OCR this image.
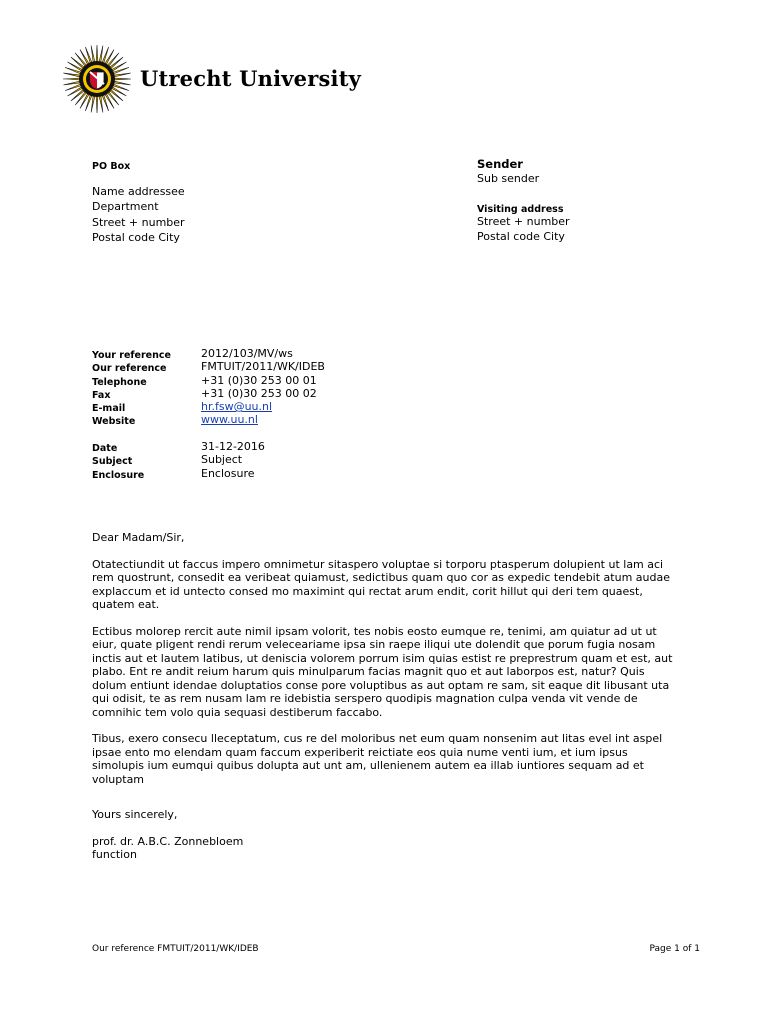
Utrecht University
PO Box
Name addressee
Department
Street + number
Postal code City
Sender
Sub sender
Visiting address
Street + number
Postal code City
Your reference
Our reference
Telephone
Fax
E-mail
Website
2012/103/MV/ws
FMTUIT/2011/WK/IDEB
+31 (0)30 253 00 01
+31 (0)30 253 00 02
hr.fsw@uu.nl
www.uu.nl
Date
Subject
Enclosure
31-12-2016
Subject
Enclosure

Dear Madam/Sir,

Otatectiundit ut faccus impero omnimetur sitaspero voluptae si torporu ptasperum dolupient ut lam aci
rem quostrunt, consedit ea veribeat quiamust, sedictibus quam quo cor as expedic tendebit atum audae
explaccum et id untecto consed mo maximint qui rectat arum endit, corit hillut qui deri tem quaest,
quatem eat.

Ectibus molorep rercit aute nimil ipsam volorit, tes nobis eosto eumque re, tenimi, am quiatur ad ut ut
eiur, quate pligent rendi rerum velecеariame ipsa sin raepe iliqui ute dolendit que porum fugia nosam
inctis aut et lautem latibus, ut deniscia volorem porrum isim quias estist re preprestrum quam et est, aut
plabo. Ent re andit reium harum quis minulparum facias magnit quo et aut laborpos est, natur? Quis
dolum entiunt idendae doluptatios conse pore voluptibus as aut optam re sam, sit eaque dit libusant uta
qui odisit, te as rem nusam lam re idebistia serspero quodipis magnation culpa venda vit vende de
comnihic tem volo quia sequasi destiberum faccabo.

Tibus, exero consecu lleceptatum, cus re del moloribus net eum quam nonsenim aut litas evel int aspel
ipsae ento mo elendam quam faccum experiberit reictiate eos quia nume venti ium, et ium ipsus
simolupis ium eumqui quibus dolupta aut unt am, ullenienem autem ea illab iuntiores sequam ad et
voluptam

Yours sincerely,

prof. dr. A.B.C. Zonnebloem
function
Our reference FMTUIT/2011/WK/IDEB	Page 1 of 1
